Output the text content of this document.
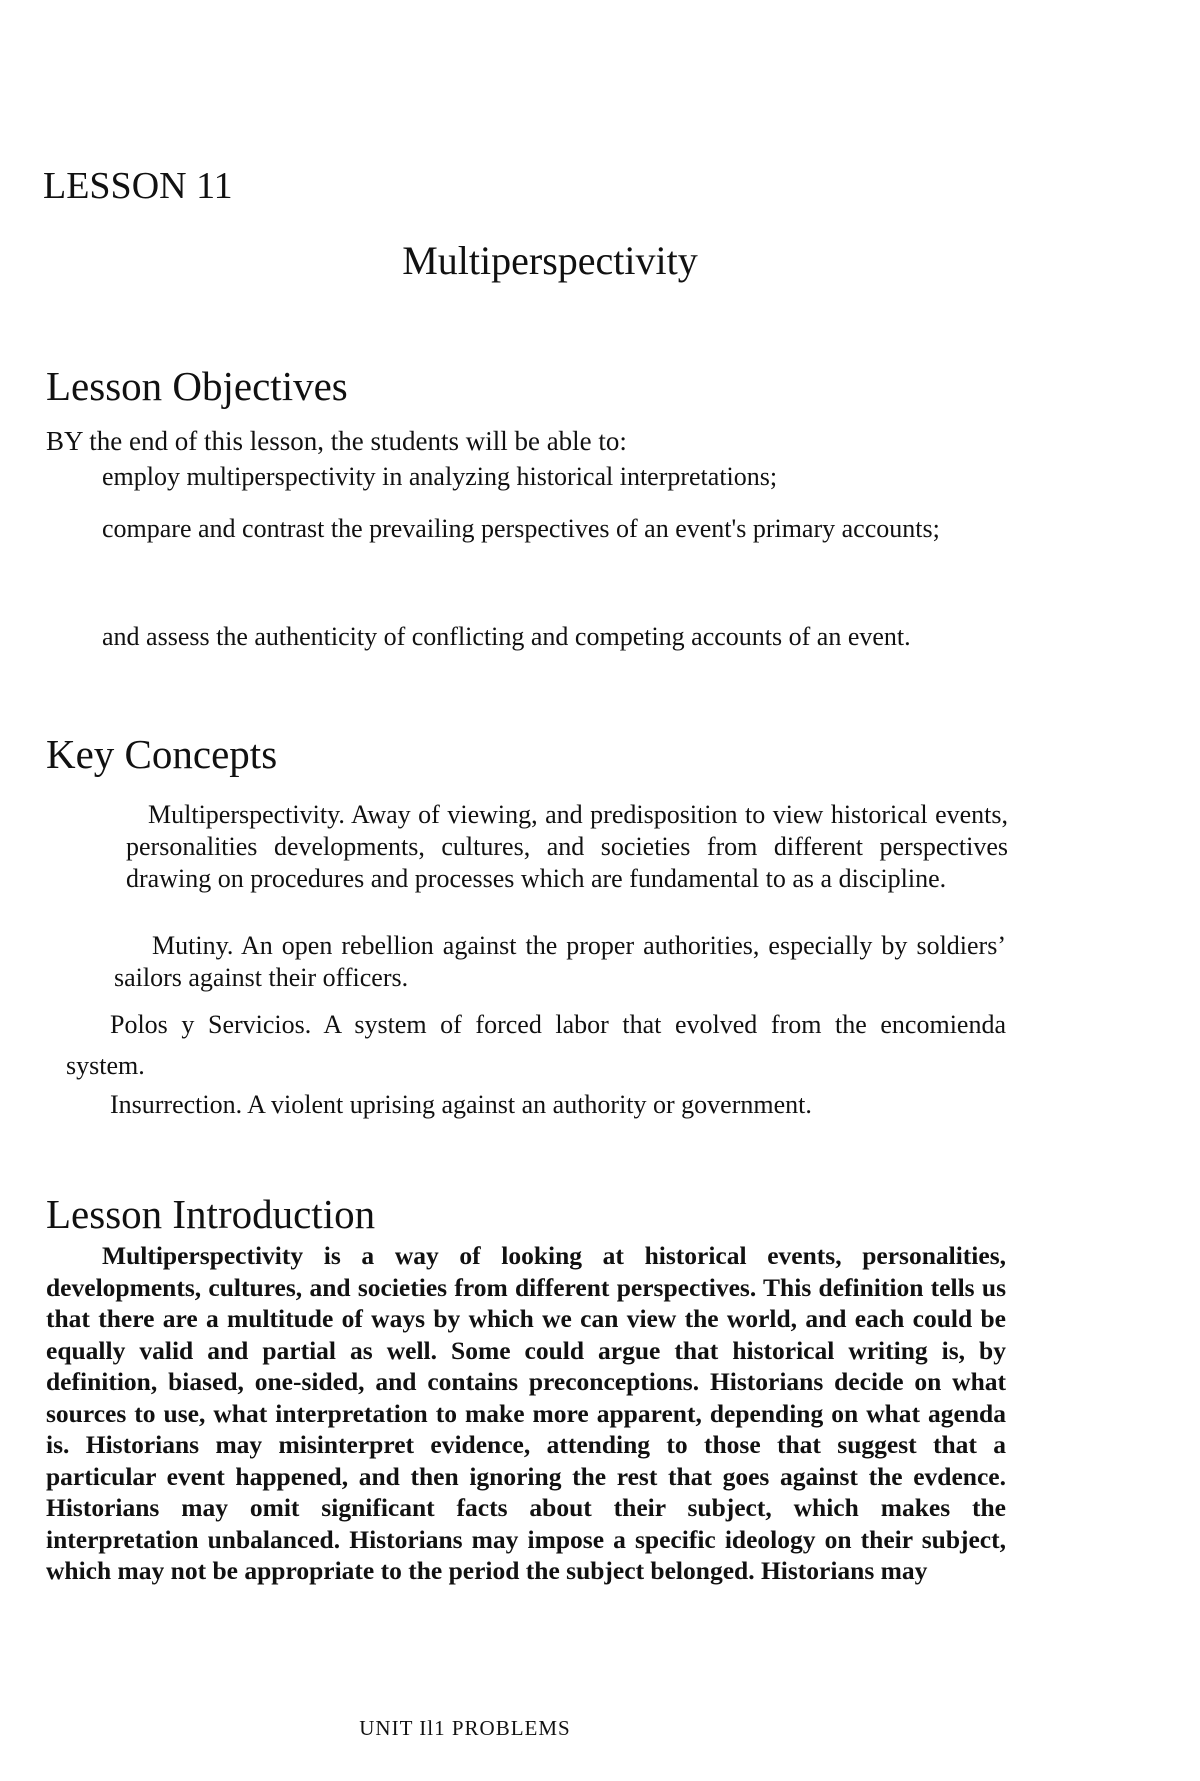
LESSON 11
Multiperspectivity
Lesson Objectives
BY the end of this lesson, the students will be able to:
employ multiperspectivity in analyzing historical interpretations;
compare and contrast the prevailing perspectives of an event's primary accounts;
and assess the authenticity of conflicting and competing accounts of an event.
Key Concepts
Multiperspectivity. Away of viewing, and predisposition to view historical events, personalities developments, cultures, and societies from different perspectives drawing on procedures and processes which are fundamental to as a discipline.
Mutiny. An open rebellion against the proper authorities, especially by soldiers’ sailors against their officers.
Polos y Servicios. A system of forced labor that evolved from the encomienda system.
Insurrection. A violent uprising against an authority or government.
Lesson Introduction
Multiperspectivity is a way of looking at historical events, personalities, developments, cultures, and societies from different perspectives. This definition tells us that there are a multitude of ways by which we can view the world, and each could be equally valid and partial as well. Some could argue that historical writing is, by definition, biased, one-sided, and contains preconceptions. Historians decide on what sources to use, what interpretation to make more apparent, depending on what agenda is. Historians may misinterpret evidence, attending to those that suggest that a particular event happened, and then ignoring the rest that goes against the evdence. Historians may omit significant facts about their subject, which makes the interpretation unbalanced. Historians may impose a specific ideology on their subject, which may not be appropriate to the period the subject belonged. Historians may
UNIT Il1 PROBLEMS
